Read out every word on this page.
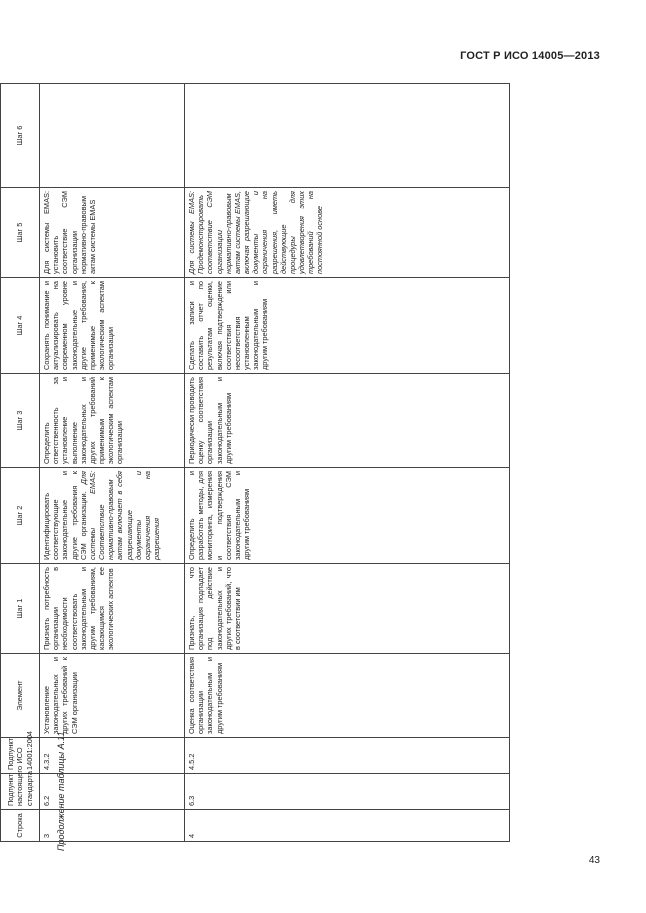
ГОСТ Р ИСО 14005—2013
Продолжение таблицы А.11
Строка	Подпункт настоящего стандарта	Подпункт ИСО 14001:2004	Элемент	Шаг 1	Шаг 2	Шаг 3	Шаг 4	Шаг 5	Шаг 6
3	6.2	4.3.2	Установление законодательных и других требований к СЭМ организации	Признать потребность организации в необходимости соответствовать законодательным и другим требованиям, касающимся ее экологических аспектов	Идентифицировать соответствующие законодательные и другие требования к СЭМ организации. Для системы EMAS: Соответствие нормативно-правовым актам включает в себя разрешающие документы и ограничения на разрешения	Определить ответственность за установление и выполнение законодательных и других требований применимым к экологическим аспектам организации	Сохранять понимание и актуализировать на современном уровне законодательные и другие требования, применимые к экологическим аспектам организации	Для системы EMAS: установить соответствие СЭМ организации нормативно-правовым актам системы EMAS	
4	6.3	4.5.2	Оценка соответствия организации законодательным и другим требованиям	Признать, что организация подпадает под действие законодательных и других требований, что в соответствии им	Определить и разработать методы, для мониторинга, измерения и подтверждения соответствия СЭМ законодательным и другим требованиям	Периодически проводить оценку соответствия организации законодательным и другим требованиям	Сделать записи и составить отчет по результатам оценки, включая подтверждение соответствия или несоответствия установленным законодательным и другим требованиям	Для системы EMAS: Продемонстрировать соответствие СЭМ организации нормативно-правовым актам системы EMAS, включая разрешающие документы и ограничения на разрешения, иметь действующие процедуры для удовлетворения этих требований на постоянной основе	
43
